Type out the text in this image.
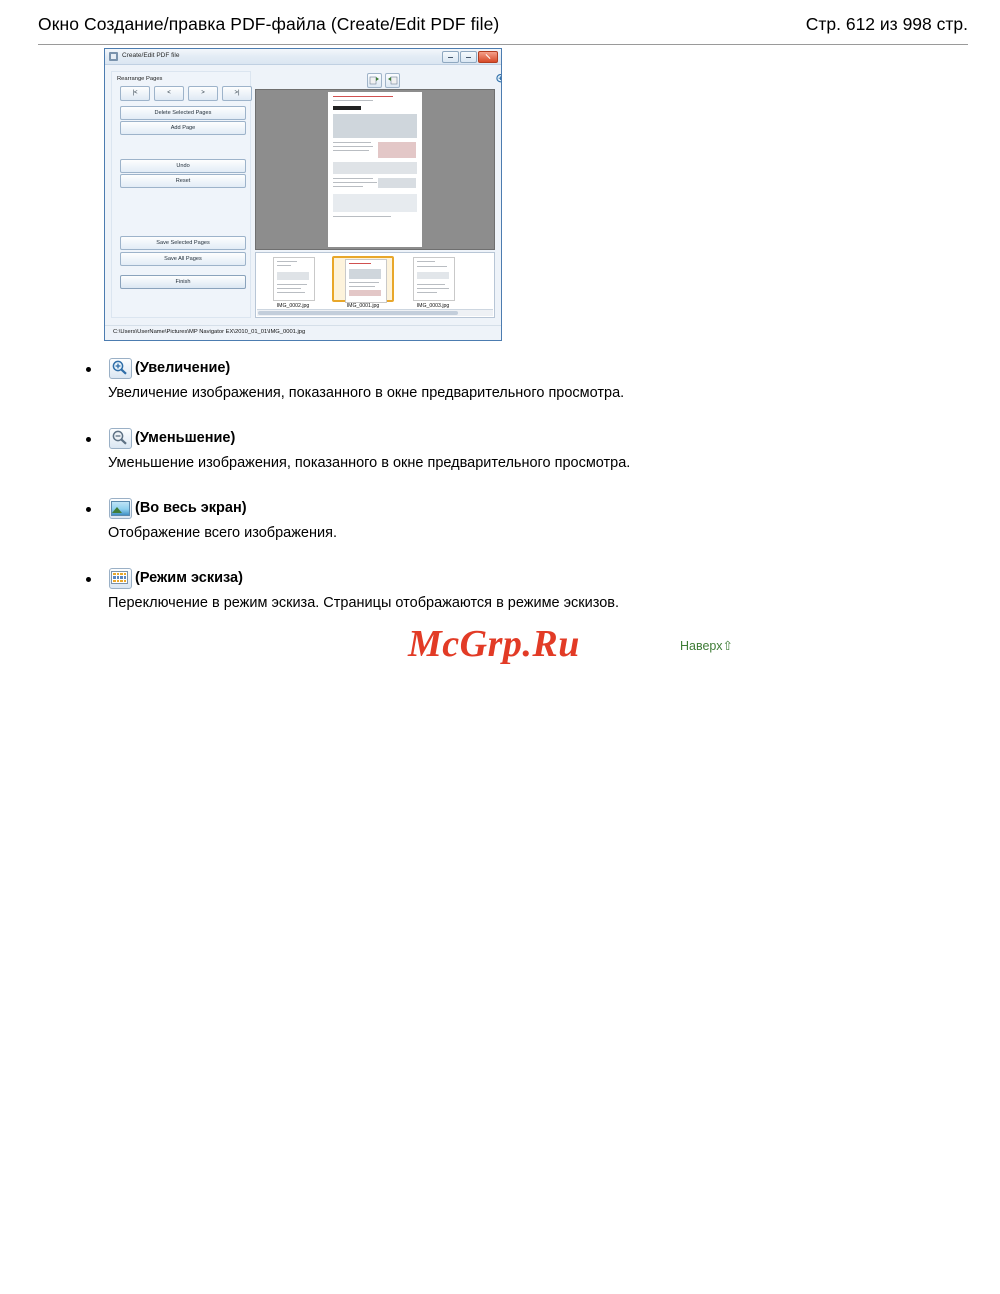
Окно Создание/правка PDF-файла (Create/Edit PDF file)	Стр. 612 из 998 стр.
Create/Edit PDF file
Rearrange Pages
|<	<	>	>|
Delete Selected Pages
Add Page
Undo
Reset
Save Selected Pages
Save All Pages
Finish
IMG_0002.jpg	IMG_0001.jpg	IMG_0003.jpg
C:\Users\UserName\Pictures\MP Navigator EX\2010_01_01\IMG_0001.jpg
(Увеличение)
Увеличение изображения, показанного в окне предварительного просмотра.
(Уменьшение)
Уменьшение изображения, показанного в окне предварительного просмотра.
(Во весь экран)
Отображение всего изображения.
(Режим эскиза)
Переключение в режим эскиза. Страницы отображаются в режиме эскизов.
McGrp.Ru	Наверх⇧
